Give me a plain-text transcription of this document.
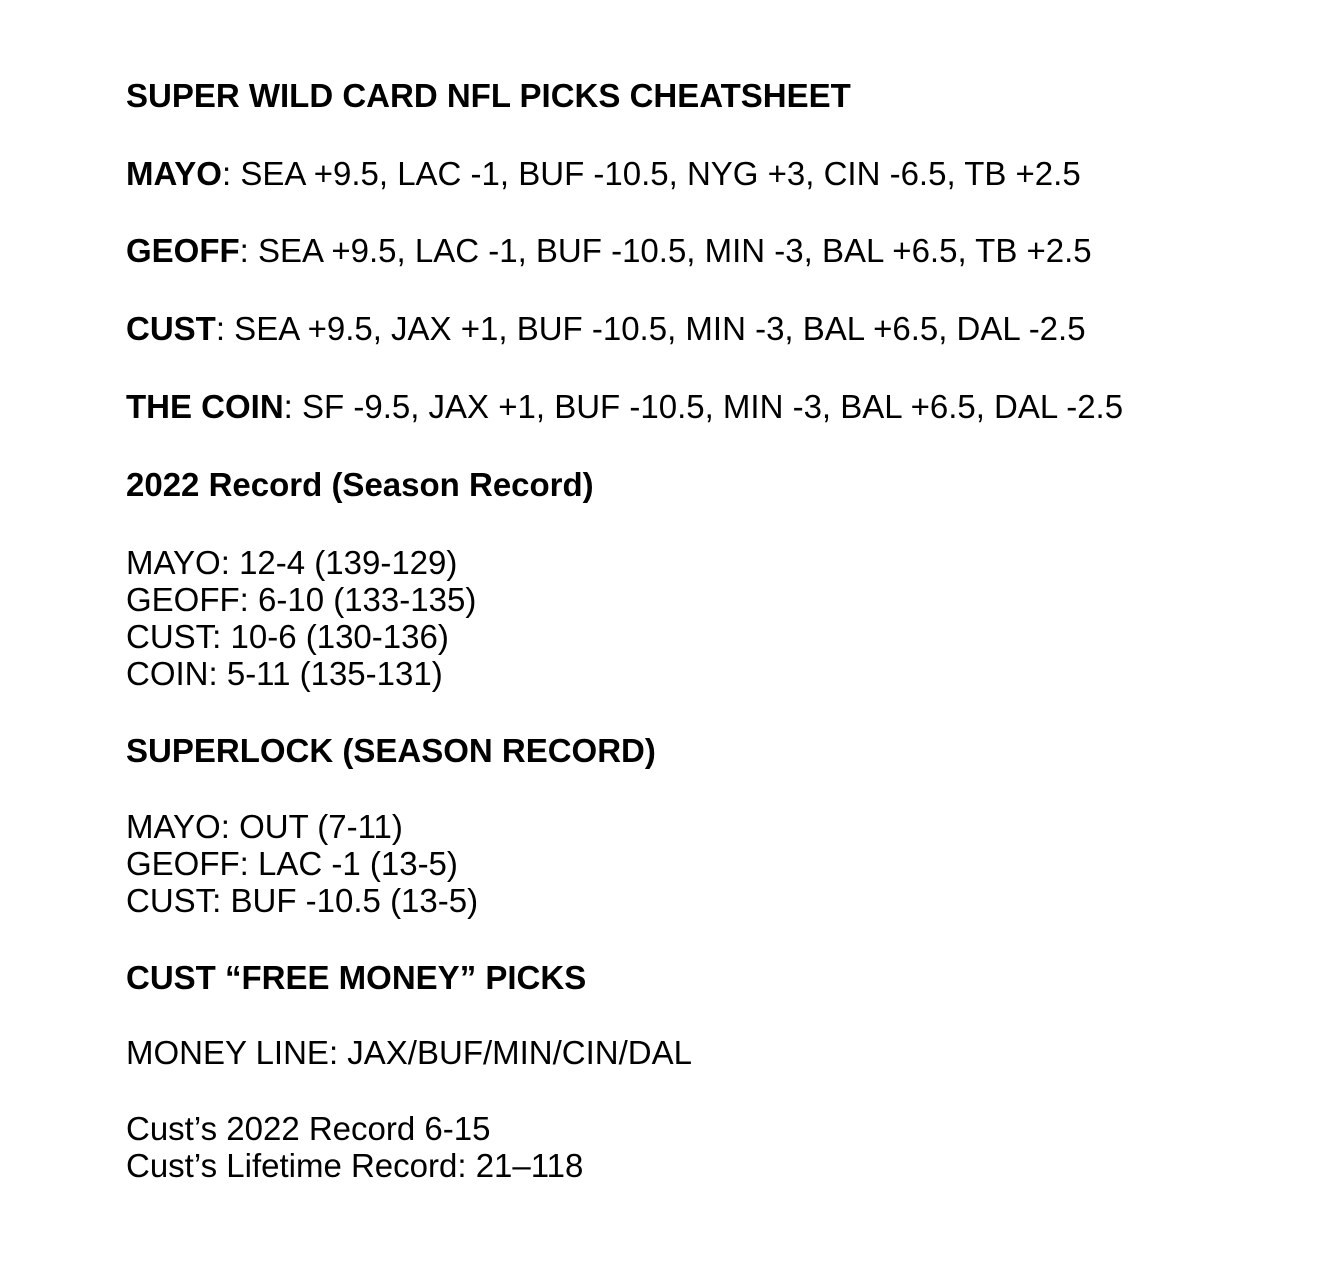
SUPER WILD CARD NFL PICKS CHEATSHEET
MAYO: SEA +9.5, LAC -1, BUF -10.5, NYG +3, CIN -6.5, TB +2.5
GEOFF: SEA +9.5, LAC -1, BUF -10.5, MIN -3, BAL +6.5, TB +2.5
CUST: SEA +9.5, JAX +1, BUF -10.5, MIN -3, BAL +6.5, DAL -2.5
THE COIN: SF -9.5, JAX +1, BUF -10.5, MIN -3, BAL +6.5, DAL -2.5
2022 Record (Season Record)
MAYO: 12-4 (139-129)
GEOFF: 6-10 (133-135)
CUST: 10-6 (130-136)
COIN: 5-11 (135-131)
SUPERLOCK (SEASON RECORD)
MAYO: OUT (7-11)
GEOFF: LAC -1 (13-5)
CUST: BUF -10.5 (13-5)
CUST “FREE MONEY” PICKS
MONEY LINE: JAX/BUF/MIN/CIN/DAL
Cust’s 2022 Record 6-15
Cust’s Lifetime Record: 21–118
